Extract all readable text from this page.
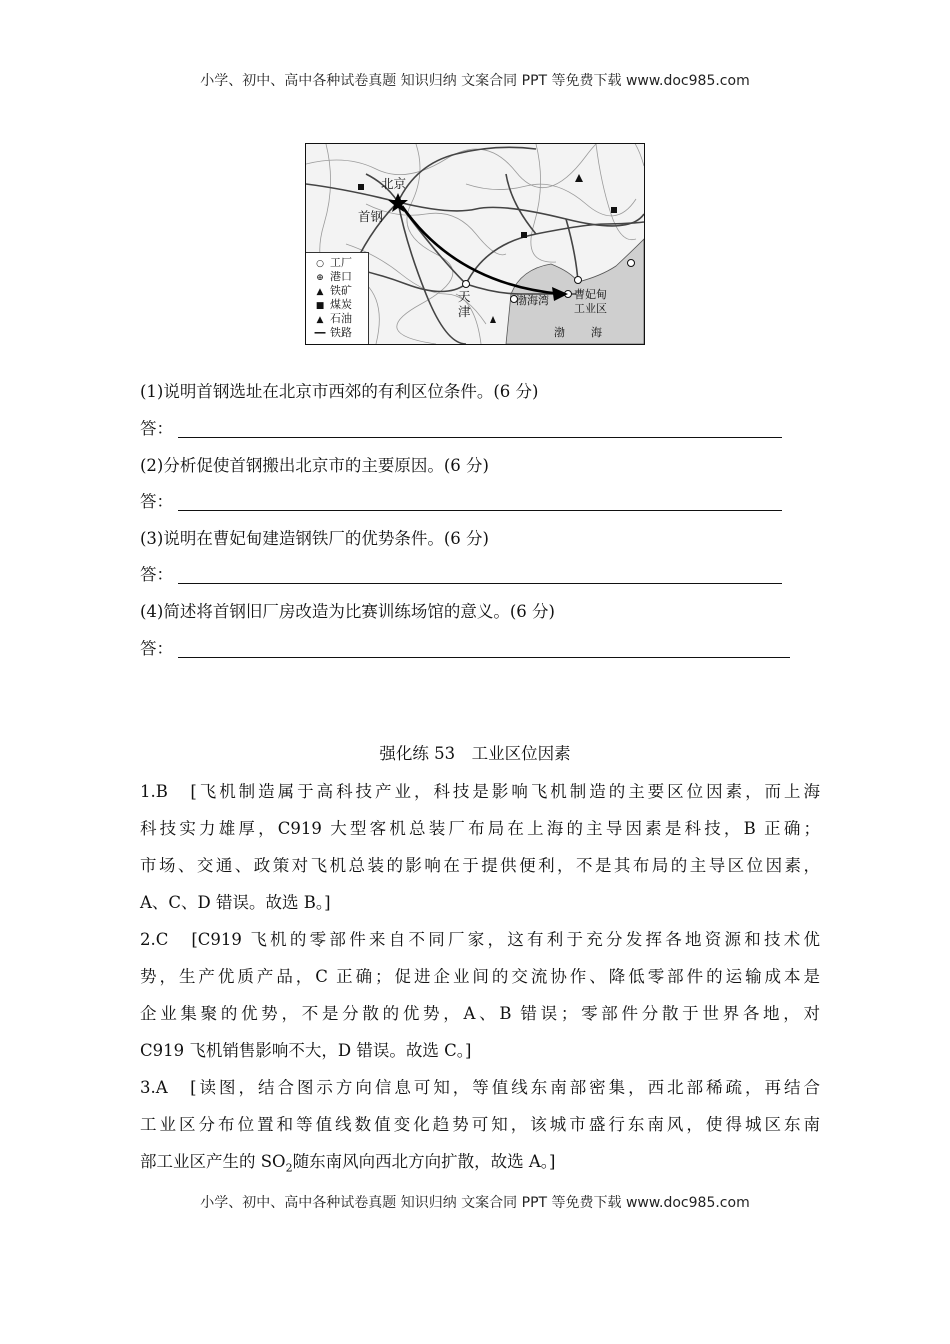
小学、初中、高中各种试卷真题 知识归纳 文案合同 PPT 等免费下载 www.doc985.com
北京
首钢
天
津
渤海湾 曹妃甸
工业区
渤 海
○ 工厂
⊕ 港口
▲ 铁矿
■ 煤炭
▲ 石油
━━ 铁路
(1)说明首钢选址在北京市西郊的有利区位条件。(6 分)
答：
(2)分析促使首钢搬出北京市的主要原因。(6 分)
答：
(3)说明在曹妃甸建造钢铁厂的优势条件。(6 分)
答：
(4)简述将首钢旧厂房改造为比赛训练场馆的意义。(6 分)
答：
强化练 53　工业区位因素
1.B　[飞机制造属于高科技产业，科技是影响飞机制造的主要区位因素，而上海
科技实力雄厚，C919 大型客机总装厂布局在上海的主导因素是科技，B 正确；
市场、交通、政策对飞机总装的影响在于提供便利，不是其布局的主导区位因素，
A、C、D 错误。故选 B。]
2.C　[C919 飞机的零部件来自不同厂家，这有利于充分发挥各地资源和技术优
势，生产优质产品，C 正确；促进企业间的交流协作、降低零部件的运输成本是
企业集聚的优势，不是分散的优势，A、B 错误；零部件分散于世界各地，对
C919 飞机销售影响不大，D 错误。故选 C。]
3.A　[读图，结合图示方向信息可知，等值线东南部密集，西北部稀疏，再结合
工业区分布位置和等值线数值变化趋势可知，该城市盛行东南风，使得城区东南
部工业区产生的 $SO_2$随东南风向西北方向扩散，故选 A。]
小学、初中、高中各种试卷真题 知识归纳 文案合同 PPT 等免费下载 www.doc985.com
